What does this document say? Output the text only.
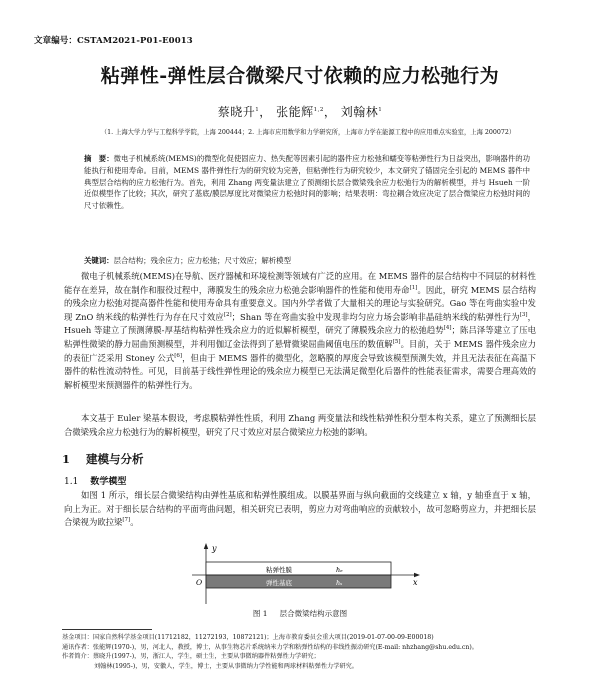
文章编号：CSTAM2021-P01-E0013
粘弹性-弹性层合微梁尺寸依赖的应力松弛行为
蔡晓升$^1$， 张能辉$^{1,2}$， 刘翰林$^1$
（1. 上海大学力学与工程科学学院，上海 200444；2. 上海市应用数学和力学研究所，上海市力学在能源工程中的应用重点实验室，上海 200072）
摘　要：微电子机械系统(MEMS)的微型化促使固应力、热失配等因素引起的器件应力松弛和蠕变等粘弹性行为日益突出，影响器件的功能执行和使用寿命。目前，MEMS 器件弹性行为的研究较为完善，但粘弹性行为研究较少，本文研究了锚固完全引起的 MEMS 器件中典型层合结构的应力松弛行为。首先，利用 Zhang 两变量法建立了预测细长层合微梁残余应力松弛行为的解析模型，并与 Hsueh 一阶近似模型作了比较；其次，研究了基底/膜层厚度比对微梁应力松弛时间的影响；结果表明：弯拉耦合效应决定了层合微梁应力松弛时间的尺寸依赖性。
关键词：层合结构；残余应力；应力松弛；尺寸效应；解析模型
微电子机械系统(MEMS)在导航、医疗器械和环境检测等领域有广泛的应用。在 MEMS 器件的层合结构中不同层的材料性能存在差异，故在制作和服役过程中，薄膜发生的残余应力松弛会影响器件的性能和使用寿命[1]。因此，研究 MEMS 层合结构的残余应力松弛对提高器件性能和使用寿命具有重要意义。国内外学者做了大量相关的理论与实验研究。Gao 等在弯曲实验中发现 ZnO 纳米线的粘弹性行为存在尺寸效应[2]；Shan 等在弯曲实验中发现非均匀应力场会影响非晶硅纳米线的粘弹性行为[3]，Hsueh 等建立了预测薄膜-厚基结构粘弹性残余应力的近似解析模型，研究了薄膜残余应力的松弛趋势[4]；陈吕泽等建立了压电粘弹性微梁的静力屈曲预测模型，并利用伽辽金法得到了悬臂微梁屈曲阈值电压的数值解[5]。目前，关于 MEMS 器件残余应力的表征广泛采用 Stoney 公式[6]，但由于 MEMS 器件的微型化，忽略膜的厚度会导致该模型预测失效，并且无法表征在高温下器件的粘性流动特性。可见，目前基于线性弹性理论的残余应力模型已无法满足微型化后器件的性能表征需求，需要合理高效的解析模型来预测器件的粘弹性行为。
本文基于 Euler 梁基本假设，考虑膜粘弹性性质，利用 Zhang 两变量法和线性粘弹性积分型本构关系，建立了预测细长层合微梁残余应力松弛行为的解析模型，研究了尺寸效应对层合微梁应力松弛的影响。
1 建模与分析
1.1 数学模型
如图 1 所示，细长层合微梁结构由弹性基底和粘弹性膜组成。以膜基界面与纵向截面的交线建立 x 轴，y 轴垂直于 x 轴，向上为正。对于细长层合结构的平面弯曲问题，相关研究已表明，剪应力对弯曲响应的贡献较小，故可忽略剪应力，并把细长层合梁视为欧拉梁[7]。
y
x
O
粘弹性膜	hₑ
弹性基底	hₛ
图 1 层合微梁结构示意图
基金项目：国家自然科学基金项目(11712182，11272193，10872121)；上海市教育委员会重大项目(2019-01-07-00-09-E00018)
通讯作者：张能辉(1970-)，男，河北人，教授，博士，从事生物芯片系统纳米力学和粘弹性结构的非线性振动研究(E-mail: nhzhang@shu.edu.cn)。
作者简介：蔡晓升(1997-)，男，浙江人，学生，硕士生，主要从事微纳器件粘弹性力学研究；
刘翰林(1995-)，男，安徽人，学生，博士，主要从事微纳力学性能和两球材料粘弹性力学研究。
